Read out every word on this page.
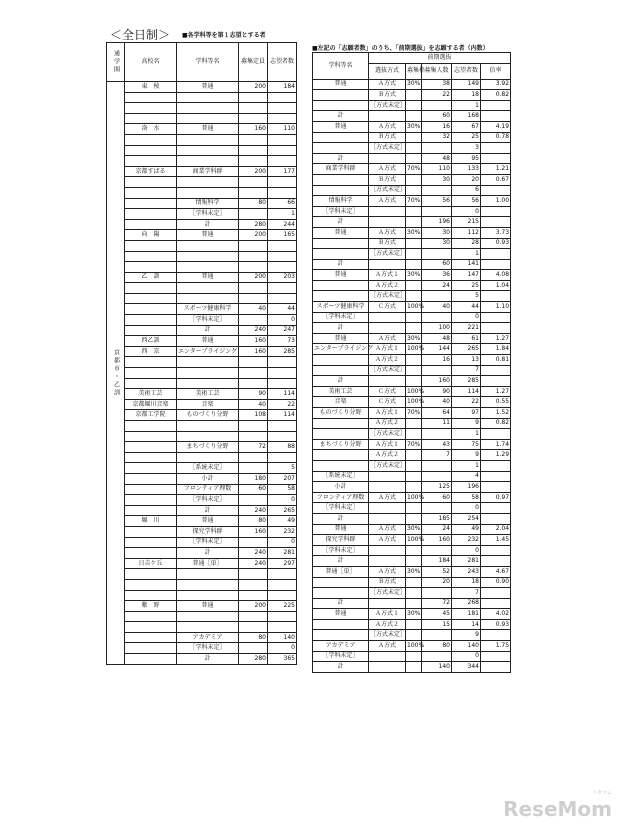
＜全日制＞ ■各学科等を第１志望とする者
■左記の「志願者数」のうち、「前期選抜」を志願する者（内数）
通学圏	高校名	学科等名	募集定員	志望者数
京都市・乙訓	東　稜	普通	200	184

	洛　水	普通	160	110

	京都すばる	商業学科群	200	177

		情報科学	80	66
		［学科未定］		1
		計	280	244
	向　陽	普通	200	165

	乙　訓	普通	200	203

		スポーツ健康科学	40	44
		［学科未定］		0
		計	240	247
	西乙訓	普通	160	73
	西　京	エンタープライジング	160	285

	美術工芸	美術工芸	90	114
	京都堀川音楽	音楽	40	22
	京都工学院	ものづくり分野	108	114

		まちづくり分野	72	88

		［系統未定］		5
		小計	180	207
		フロンティア理数	60	58
		［学科未定］		0
		計	240	265
	堀　川	普通	80	49
		探究学科群	160	232
		［学科未定］		0
		計	240	281
	日吉ケ丘	普通［単］	240	297

	紫　野	普通	200	225

		アカデミア	80	140
		［学科未定］		0
		計	280	365
学科等名	前期選抜				
	選抜方式	募集枠	募集人数	志望者数	倍率
普通	Ａ方式	30%	38	149	3.92
	Ｂ方式		22	18	0.82
	［方式未定］			1	
計			60	168	
普通	Ａ方式	30%	16	67	4.19
	Ｂ方式		32	25	0.78
	［方式未定］			3	
計			48	95	
商業学科群	Ａ方式	70%	110	133	1.21
	Ｂ方式		30	20	0.67
	［方式未定］			6	
情報科学	Ａ方式	70%	56	56	1.00
［学科未定］				0	
計			196	215	
普通	Ａ方式	30%	30	112	3.73
	Ｂ方式		30	28	0.93
	［方式未定］			1	
計			60	141	
普通	Ａ方式１	30%	36	147	4.08
	Ａ方式２		24	25	1.04
	［方式未定］			5	
スポーツ健康科学	Ｃ方式	100%	40	44	1.10
［学科未定］				0	
計			100	221	
普通	Ａ方式	30%	48	61	1.27
エンタープライジング	Ａ方式１	100%	144	265	1.84
	Ａ方式２		16	13	0.81
	［方式未定］			7	
計			160	285	
美術工芸	Ｃ方式	100%	90	114	1.27
音楽	Ｃ方式	100%	40	22	0.55
ものづくり分野	Ａ方式１	70%	64	97	1.52
	Ａ方式２		11	9	0.82
	［方式未定］			1	
まちづくり分野	Ａ方式１	70%	43	75	1.74
	Ａ方式２		7	9	1.29
	［方式未定］			1	
［系統未定］				4	
小計			125	196	
フロンティア理数	Ａ方式	100%	60	58	0.97
［学科未定］				0	
計			185	254	
普通	Ａ方式	30%	24	49	2.04
探究学科群	Ａ方式	100%	160	232	1.45
［学科未定］				0	
計			184	281	
普通［単］	Ａ方式	30%	52	243	4.67
	Ｂ方式		20	18	0.90
	［方式未定］			7	
計			72	268	
普通	Ａ方式１	30%	45	181	4.02
	Ａ方式２		15	14	0.93
	［方式未定］			9	
アカデミア	Ａ方式	100%	80	140	1.75
［学科未定］				0	
計			140	344	
リセマム
ReseMom
